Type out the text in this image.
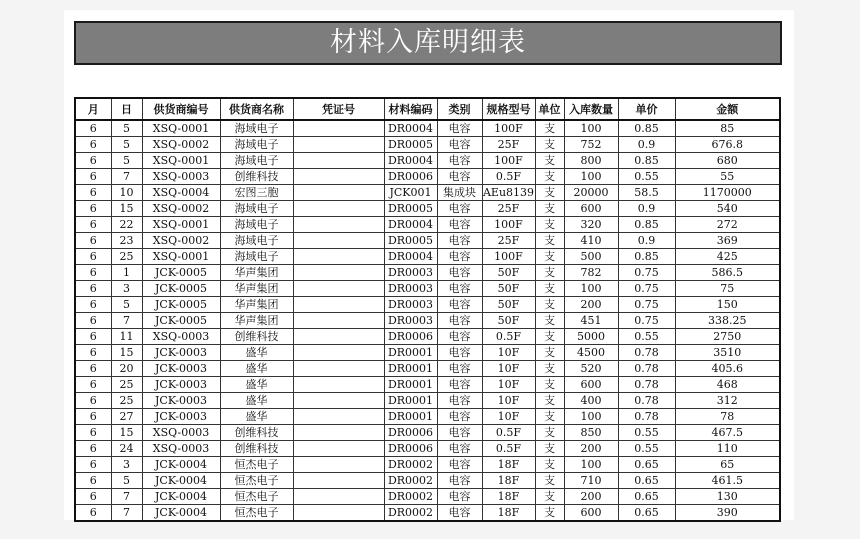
材料入库明细表
月	日	供货商编号	供货商名称	凭证号	材料编码	类别	规格型号	单位	入库数量	单价	金额
6	5	XSQ-0001	海域电子		DR0004	电容	100F	支	100	0.85	85
6	5	XSQ-0002	海域电子		DR0005	电容	25F	支	752	0.9	676.8
6	5	XSQ-0001	海域电子		DR0004	电容	100F	支	800	0.85	680
6	7	XSQ-0003	创维科技		DR0006	电容	0.5F	支	100	0.55	55
6	10	XSQ-0004	宏图三胞		JCK001	集成块	AEu8139	支	20000	58.5	1170000
6	15	XSQ-0002	海域电子		DR0005	电容	25F	支	600	0.9	540
6	22	XSQ-0001	海域电子		DR0004	电容	100F	支	320	0.85	272
6	23	XSQ-0002	海域电子		DR0005	电容	25F	支	410	0.9	369
6	25	XSQ-0001	海域电子		DR0004	电容	100F	支	500	0.85	425
6	1	JCK-0005	华声集团		DR0003	电容	50F	支	782	0.75	586.5
6	3	JCK-0005	华声集团		DR0003	电容	50F	支	100	0.75	75
6	5	JCK-0005	华声集团		DR0003	电容	50F	支	200	0.75	150
6	7	JCK-0005	华声集团		DR0003	电容	50F	支	451	0.75	338.25
6	11	XSQ-0003	创维科技		DR0006	电容	0.5F	支	5000	0.55	2750
6	15	JCK-0003	盛华		DR0001	电容	10F	支	4500	0.78	3510
6	20	JCK-0003	盛华		DR0001	电容	10F	支	520	0.78	405.6
6	25	JCK-0003	盛华		DR0001	电容	10F	支	600	0.78	468
6	25	JCK-0003	盛华		DR0001	电容	10F	支	400	0.78	312
6	27	JCK-0003	盛华		DR0001	电容	10F	支	100	0.78	78
6	15	XSQ-0003	创维科技		DR0006	电容	0.5F	支	850	0.55	467.5
6	24	XSQ-0003	创维科技		DR0006	电容	0.5F	支	200	0.55	110
6	3	JCK-0004	恒杰电子		DR0002	电容	18F	支	100	0.65	65
6	5	JCK-0004	恒杰电子		DR0002	电容	18F	支	710	0.65	461.5
6	7	JCK-0004	恒杰电子		DR0002	电容	18F	支	200	0.65	130
6	7	JCK-0004	恒杰电子		DR0002	电容	18F	支	600	0.65	390
